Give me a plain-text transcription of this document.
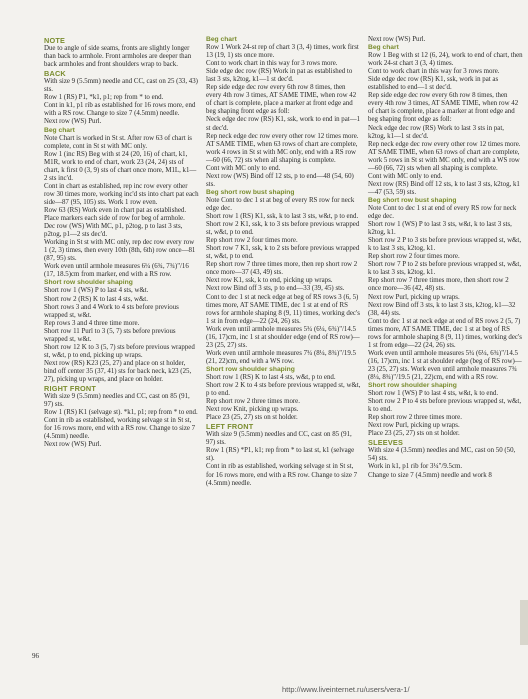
NOTE

Due to angle of side seams, fronts are slightly longer than back to armhole. Front armholes are deeper than back armholes and front shoulders wrap to back.

BACK

With size 9 (5.5mm) needle and CC, cast on 25 (33, 43) sts.

Row 1 (RS) P1, *k1, p1; rep from * to end.

Cont in k1, p1 rib as established for 16 rows more, end with a RS row. Change to size 7 (4.5mm) needle.

Next row (WS) Purl.

Beg chart

Note Chart is worked in St st. After row 63 of chart is complete, cont in St st with MC only.

Row 1 (inc RS) Beg with st 24 (20, 16) of chart, k1, M1R, work to end of chart, work 23 (24, 24) sts of chart, k first 0 (3, 9) sts of chart once more, M1L, k1—2 sts inc'd.

Cont in chart as established, rep inc row every other row 30 times more, working inc'd sts into chart pat each side—87 (95, 105) sts. Work 1 row even.

Row 63 (RS) Work even in chart pat as established. Place markers each side of row for beg of armhole.

Dec row (WS) With MC, p1, p2tog, p to last 3 sts, p2tog, p1—2 sts dec'd.

Working in St st with MC only, rep dec row every row 1 (2, 3) times, then every 10th (8th, 6th) row once—81 (87, 95) sts.

Work even until armhole measures 6¼ (6¾, 7¾)"/16 (17, 18.5)cm from marker, end with a RS row.

Short row shoulder shaping

Short row 1 (WS) P to last 4 sts, w&t.

Short row 2 (RS) K to last 4 sts, w&t.

Short rows 3 and 4 Work to 4 sts before previous wrapped st, w&t.

Rep rows 3 and 4 three time more.

Short row 11 Purl to 3 (5, 7) sts before previous wrapped st, w&t.

Short row 12 K to 3 (5, 7) sts before previous wrapped st, w&t, p to end, picking up wraps.

Next row (RS) K23 (25, 27) and place on st holder, bind off center 35 (37, 41) sts for back neck, k23 (25, 27), picking up wraps, and place on holder.

RIGHT FRONT

With size 9 (5.5mm) needles and CC, cast on 85 (91, 97) sts.

Row 1 (RS) K1 (selvage st). *k1, p1; rep from * to end.

Cont in rib as established, working selvage st in St st, for 16 rows more, end with a RS row. Change to size 7 (4.5mm) needle.

Next row (WS) Purl.

Beg chart

Row 1 Work 24-st rep of chart 3 (3, 4) times, work first 13 (19, 1) sts once more.

Cont to work chart in this way for 3 rows more.

Side edge dec row (RS) Work in pat as established to last 3 sts, k2tog, k1—1 st dec'd.

Rep side edge dec row every 6th row 8 times, then every 4th row 3 times, AT SAME TIME, when row 42 of chart is complete, place a marker at front edge and beg shaping front edge as foll:

Neck edge dec row (RS) K1, ssk, work to end in pat—1 st dec'd.

Rep neck edge dec row every other row 12 times more. AT SAME TIME, when 63 rows of chart are complete, work 4 rows in St st with MC only, end with a RS row—60 (66, 72) sts when all shaping is complete.

Cont with MC only to end.

Next row (WS) Bind off 12 sts, p to end—48 (54, 60) sts.

Beg short row bust shaping

Note Cont to dec 1 st at beg of every RS row for neck edge dec.

Short row 1 (RS) K1, ssk, k to last 3 sts, w&t, p to end.

Short row 2 K1, ssk, k to 3 sts before previous wrapped st, w&t, p to end.

Rep short row 2 four times more.

Short row 7 K1, ssk, k to 2 sts before previous wrapped st, w&t, p to end.

Rep short row 7 three times more, then rep short row 2 once more—37 (43, 49) sts.

Next row K1, ssk, k to end, picking up wraps.

Next row Bind off 3 sts, p to end—33 (39, 45) sts.

Cont to dec 1 st at neck edge at beg of RS rows 3 (6, 5) times more, AT SAME TIME, dec 1 st at end of RS rows for armhole shaping 8 (9, 11) times, working dec's 1 st in from edge—22 (24, 26) sts.

Work even until armhole measures 5¾ (6¼, 6¾)"/14.5 (16, 17)cm, inc 1 st at shoulder edge (end of RS row)—23 (25, 27) sts.

Work even until armhole measures 7¾ (8¼, 8¾)"/19.5 (21, 22)cm, end with a WS row.

Short row shoulder shaping

Short row 1 (RS) K to last 4 sts, w&t, p to end.

Short row 2 K to 4 sts before previous wrapped st, w&t, p to end.

Rep short row 2 three times more.

Next row Knit, picking up wraps.

Place 23 (25, 27) sts on st holder.

LEFT FRONT

With size 9 (5.5mm) needles and CC, cast on 85 (91, 97) sts.

Row 1 (RS) *P1, k1; rep from * to last st, k1 (selvage st).

Cont in rib as established, working selvage st in St st, for 16 rows more, end with a RS row. Change to size 7 (4.5mm) needle.

Next row (WS) Purl.

Beg chart

Row 1 Beg with st 12 (6, 24), work to end of chart, then work 24-st chart 3 (3, 4) times.

Cont to work chart in this way for 3 rows more.

Side edge dec row (RS) K1, ssk, work in pat as established to end—1 st dec'd.

Rep side edge dec row every 6th row 8 times, then every 4th row 3 times, AT SAME TIME, when row 42 of chart is complete, place a marker at front edge and beg shaping front edge as foll:

Neck edge dec row (RS) Work to last 3 sts in pat, k2tog, k1—1 st dec'd.

Rep neck edge dec row every other row 12 times more. AT SAME TIME, when 63 rows of chart are complete, work 5 rows in St st with MC only, end with a WS row—60 (66, 72) sts when all shaping is complete.

Cont with MC only to end.

Next row (RS) Bind off 12 sts, k to last 3 sts, k2tog, k1—47 (53, 59) sts.

Beg short row bust shaping

Note Cont to dec 1 st at end of every RS row for neck edge dec.

Short row 1 (WS) P to last 3 sts, w&t, k to last 3 sts, k2tog, k1.

Short row 2 P to 3 sts before previous wrapped st, w&t, k to last 3 sts, k2tog, k1.

Rep short row 2 four times more.

Short row 7 P to 2 sts before previous wrapped st, w&t, k to last 3 sts, k2tog, k1.

Rep short row 7 three times more, then short row 2 once more—36 (42, 48) sts.

Next row Purl, picking up wraps.

Next row Bind off 3 sts, k to last 3 sts, k2tog, k1—32 (38, 44) sts.

Cont to dec 1 st at neck edge at end of RS rows 2 (5, 7) times more, AT SAME TIME, dec 1 st at beg of RS rows for armhole shaping 8 (9, 11) times, working dec's 1 st from edge—22 (24, 26) sts.

Work even until armhole measures 5¾ (6¼, 6¾)"/14.5 (16, 17)cm, inc 1 st at shoulder edge (beg of RS row)—23 (25, 27) sts. Work even until armhole measures 7¾ (8¼, 8¾)"/19.5 (21, 22)cm, end with a RS row.

Short row shoulder shaping

Short row 1 (WS) P to last 4 sts, w&t, k to end.

Short row 2 P to 4 sts before previous wrapped st, w&t, k to end.

Rep short row 2 three times more.

Next row Purl, picking up wraps.

Place 23 (25, 27) sts on st holder.

SLEEVES

With size 4 (3.5mm) needles and MC, cast on 50 (50, 54) sts.

Work in k1, p1 rib for 3¼"/9.5cm.

Change to size 7 (4.5mm) needle and work 8

96
http://www.liveinternet.ru/users/vera-1/
